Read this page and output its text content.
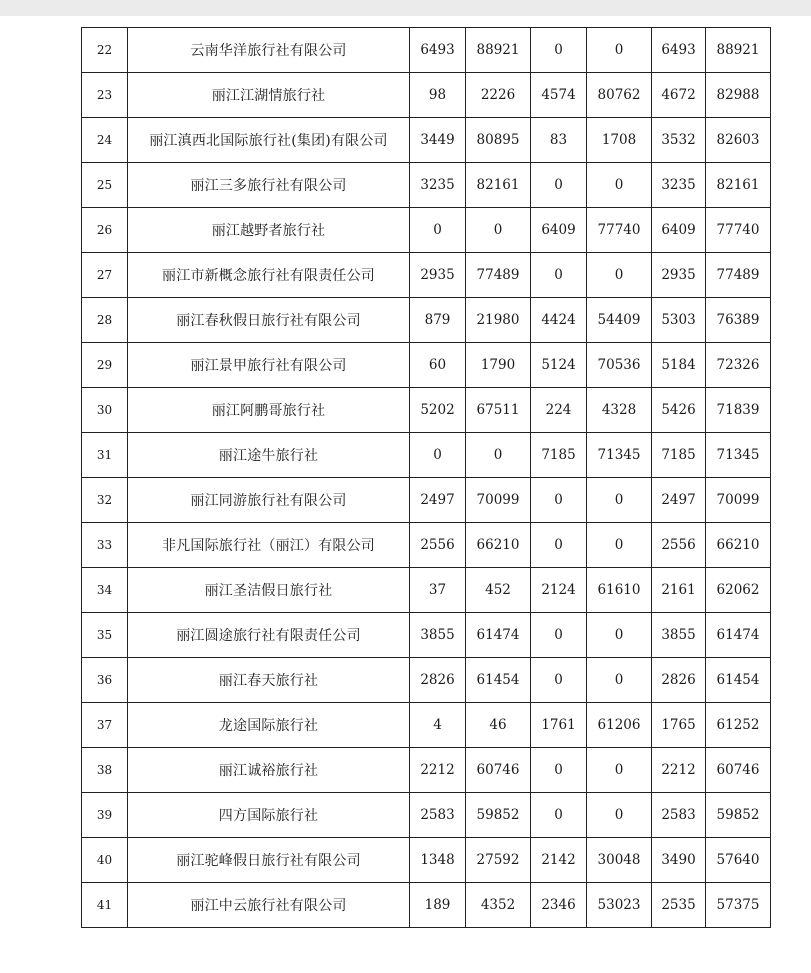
22	云南华洋旅行社有限公司	6493	88921	0	0	6493	88921
23	丽江江湖情旅行社	98	2226	4574	80762	4672	82988
24	丽江滇西北国际旅行社(集团)有限公司	3449	80895	83	1708	3532	82603
25	丽江三多旅行社有限公司	3235	82161	0	0	3235	82161
26	丽江越野者旅行社	0	0	6409	77740	6409	77740
27	丽江市新概念旅行社有限责任公司	2935	77489	0	0	2935	77489
28	丽江春秋假日旅行社有限公司	879	21980	4424	54409	5303	76389
29	丽江景甲旅行社有限公司	60	1790	5124	70536	5184	72326
30	丽江阿鹏哥旅行社	5202	67511	224	4328	5426	71839
31	丽江途牛旅行社	0	0	7185	71345	7185	71345
32	丽江同游旅行社有限公司	2497	70099	0	0	2497	70099
33	非凡国际旅行社（丽江）有限公司	2556	66210	0	0	2556	66210
34	丽江圣洁假日旅行社	37	452	2124	61610	2161	62062
35	丽江圆途旅行社有限责任公司	3855	61474	0	0	3855	61474
36	丽江春天旅行社	2826	61454	0	0	2826	61454
37	龙途国际旅行社	4	46	1761	61206	1765	61252
38	丽江诚裕旅行社	2212	60746	0	0	2212	60746
39	四方国际旅行社	2583	59852	0	0	2583	59852
40	丽江驼峰假日旅行社有限公司	1348	27592	2142	30048	3490	57640
41	丽江中云旅行社有限公司	189	4352	2346	53023	2535	57375
